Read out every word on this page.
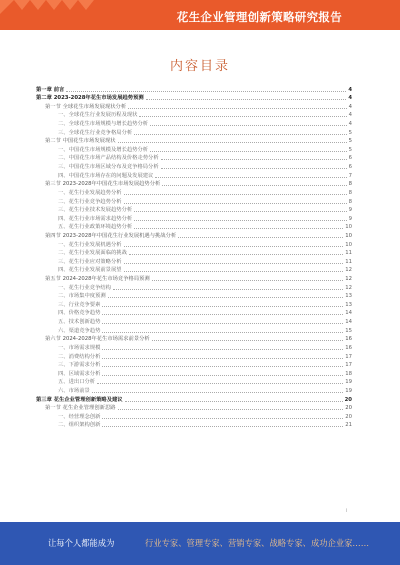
花生企业管理创新策略研究报告
内容目录
第一章 前言	4
第二章 2023-2028年花生市场发展趋势预测	4
第一节 全球花生市场发展现状分析	4
一、全球花生行业发展历程及现状	4
二、全球花生市场规模与增长趋势分析	4
三、全球花生行业竞争格局分析	5
第二节 中国花生市场发展现状	5
一、中国花生市场规模及增长趋势分析	5
二、中国花生市场产品结构及价格走势分析	6
三、中国花生市场区域分布及竞争格局分析	6
四、中国花生市场存在的问题及发展建议	7
第三节 2023-2028年中国花生市场发展趋势分析	8
一、花生行业发展趋势分析	8
二、花生行业竞争趋势分析	8
三、花生行业技术发展趋势分析	9
四、花生行业市场需求趋势分析	9
五、花生行业政策环境趋势分析	10
第四节 2023-2028年中国花生行业发展机遇与挑战分析	10
一、花生行业发展机遇分析	10
二、花生行业发展面临的挑战	11
三、花生行业应对策略分析	11
四、花生行业发展前景展望	12
第五节 2024-2028年花生市场竞争格局预测	12
一、花生行业竞争结构	12
二、市场集中度预测	13
三、行业竞争要素	13
四、价格竞争趋势	14
五、技术创新趋势	14
六、渠道竞争趋势	15
第六节 2024-2028年花生市场需求前景分析	16
一、市场需求规模	16
二、消费结构分析	17
三、下游需求分析	17
四、区域需求分析	18
五、进出口分析	19
六、市场前景	19
第三章 花生企业管理创新策略及建议	20
第一节 花生企业管理创新思路	20
一、经营理念创新	20
二、组织架构创新	21
i
让每个人都能成为	行业专家、管理专家、营销专家、战略专家、成功企业家……
